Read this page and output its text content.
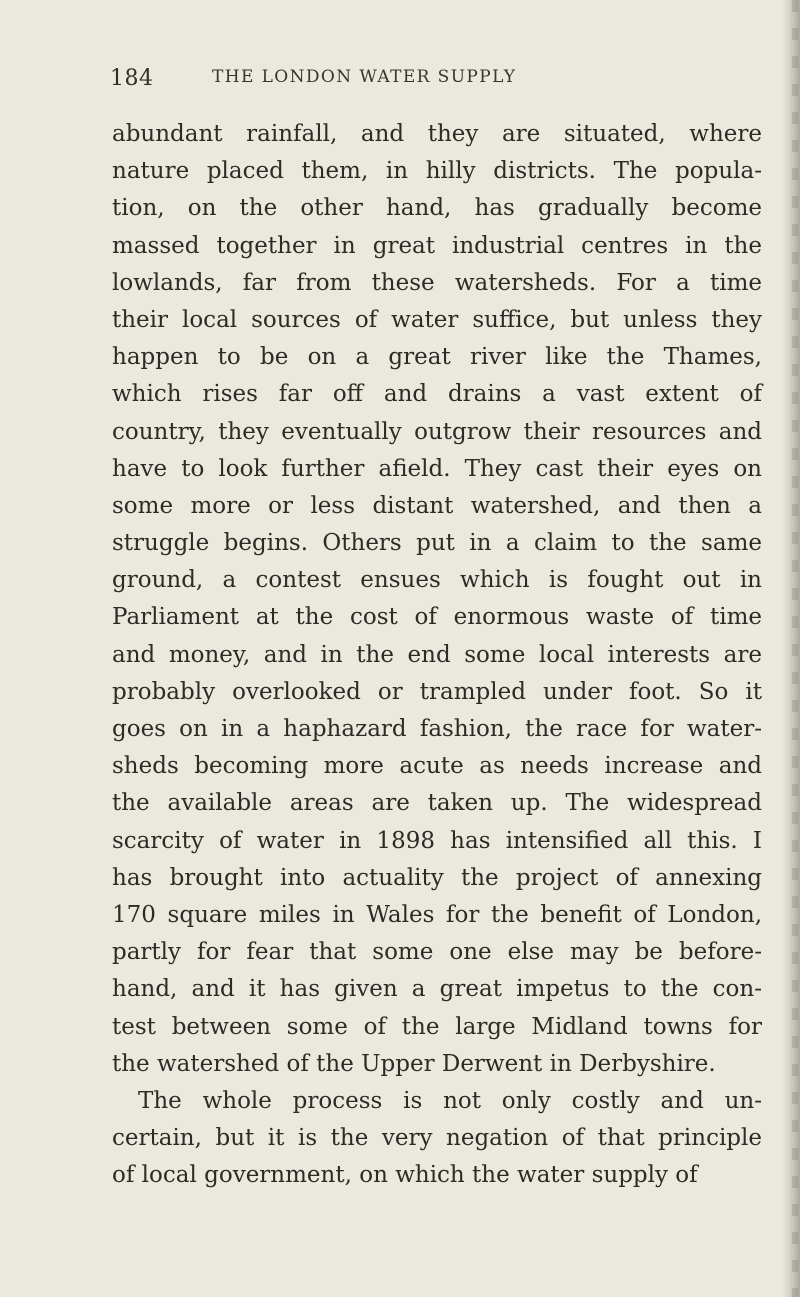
184	THE LONDON WATER SUPPLY
abundant rainfall, and they are situated, where
nature placed them, in hilly districts. The popula-
tion, on the other hand, has gradually become
massed together in great industrial centres in the
lowlands, far from these watersheds. For a time
their local sources of water suffice, but unless they
happen to be on a great river like the Thames,
which rises far off and drains a vast extent of
country, they eventually outgrow their resources and
have to look further afield. They cast their eyes on
some more or less distant watershed, and then a
struggle begins. Others put in a claim to the same
ground, a contest ensues which is fought out in
Parliament at the cost of enormous waste of time
and money, and in the end some local interests are
probably overlooked or trampled under foot. So it
goes on in a haphazard fashion, the race for water-
sheds becoming more acute as needs increase and
the available areas are taken up. The widespread
scarcity of water in 1898 has intensified all this. I
has brought into actuality the project of annexing
170 square miles in Wales for the benefit of London,
partly for fear that some one else may be before-
hand, and it has given a great impetus to the con-
test between some of the large Midland towns for
the watershed of the Upper Derwent in Derbyshire.
The whole process is not only costly and un-
certain, but it is the very negation of that principle
of local government, on which the water supply of
